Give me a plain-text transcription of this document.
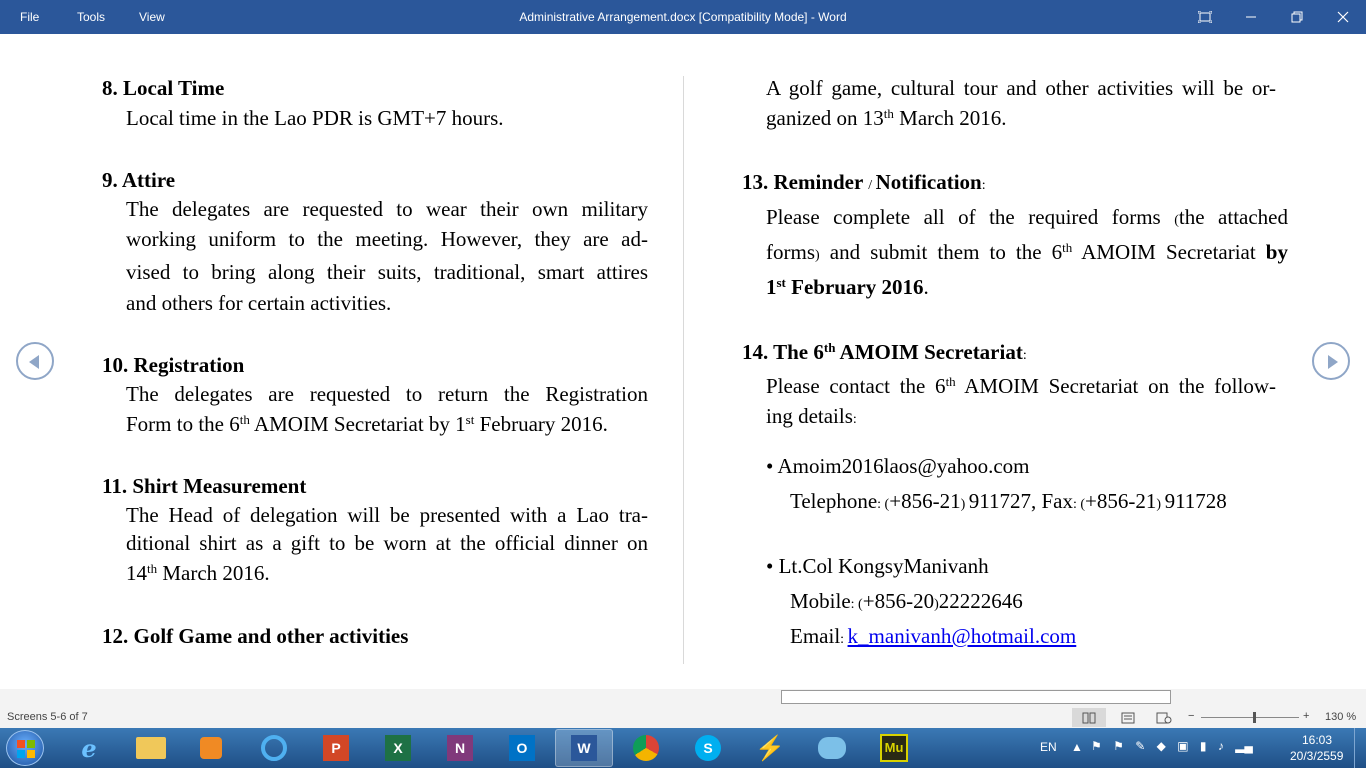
File	Tools	View	Administrative Arrangement.docx [Compatibility Mode] - Word
8. Local Time
Local time in the Lao PDR is GMT+7 hours.
9. Attire
The delegates are requested to wear their own military
working uniform to the meeting. However, they are ad-
vised to bring along their suits, traditional, smart attires
and others for certain activities.
10. Registration
The delegates are requested to return the Registration
Form to the 6th AMOIM Secretariat by 1st February 2016.
11. Shirt Measurement
The Head of delegation will be presented with a Lao tra-
ditional shirt as a gift to be worn at the official dinner on
14th March 2016.
12. Golf Game and other activities
A golf game, cultural tour and other activities will be or-
ganized on 13th March 2016.
13. Reminder / Notification:
Please complete all of the required forms (the attached
forms) and submit them to the 6th AMOIM Secretariat by
1st February 2016.
14. The 6th AMOIM Secretariat:
Please contact the 6th AMOIM Secretariat on the follow-
ing details:
• Amoim2016laos@yahoo.com
Telephone: (+856-21) 911727, Fax: (+856-21) 911728
• Lt.Col KongsyManivanh
Mobile: (+856-20)22222646
Email: k_manivanh@hotmail.com
Screens 5-6 of 7	−	+ 130 %
e	P	X	N	O	W	S	⚡	Mu	EN ▲ ⚑ ⚑ ✎ ◆ ▣ ▮ ♪ ▂▄	16:03
20/3/2559
